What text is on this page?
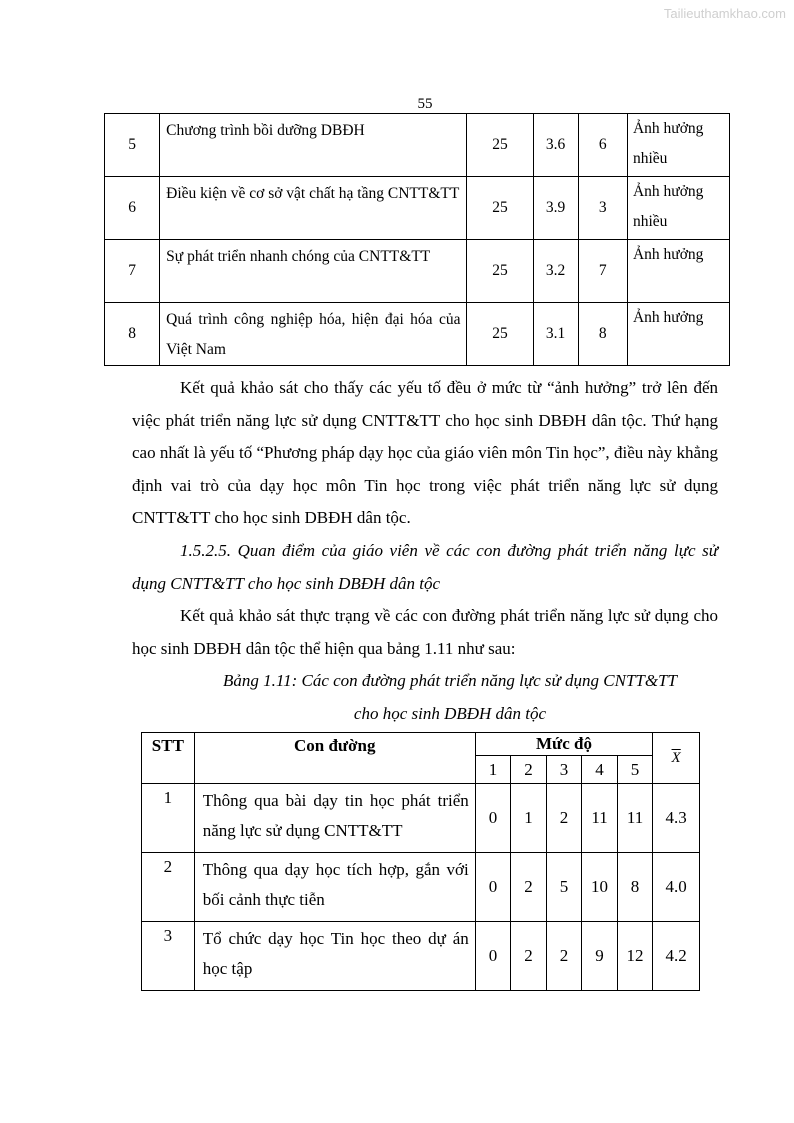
Tailieuthamkhao.com
55
5	Chương trình bồi dưỡng DBĐH	25	3.6	6	Ảnh hưởng nhiều
6	Điều kiện về cơ sở vật chất hạ tầng CNTT&TT	25	3.9	3	Ảnh hưởng nhiều
7	Sự phát triển nhanh chóng của CNTT&TT	25	3.2	7	Ảnh hưởng
8	Quá trình công nghiệp hóa, hiện đại hóa của Việt Nam	25	3.1	8	Ảnh hưởng

Kết quả khảo sát cho thấy các yếu tố đều ở mức từ “ảnh hưởng” trở lên đến việc phát triển năng lực sử dụng CNTT&TT cho học sinh DBĐH dân tộc. Thứ hạng cao nhất là yếu tố “Phương pháp dạy học của giáo viên môn Tin học”, điều này khẳng định vai trò của dạy học môn Tin học trong việc phát triển năng lực sử dụng CNTT&TT cho học sinh DBĐH dân tộc.

1.5.2.5. Quan điểm của giáo viên về các con đường phát triển năng lực sử dụng CNTT&TT cho học sinh DBĐH dân tộc

Kết quả khảo sát thực trạng về các con đường phát triển năng lực sử dụng cho học sinh DBĐH dân tộc thể hiện qua bảng 1.11 như sau:

Bảng 1.11: Các con đường phát triển năng lực sử dụng CNTT&TT
cho học sinh DBĐH dân tộc
STT	Con đường	Mức độ					$\overline{X}$
		1	2	3	4	5	
1	Thông qua bài dạy tin học phát triển năng lực sử dụng CNTT&TT	0	1	2	11	11	4.3
2	Thông qua dạy học tích hợp, gắn với bối cảnh thực tiễn	0	2	5	10	8	4.0
3	Tổ chức dạy học Tin học theo dự án học tập	0	2	2	9	12	4.2
